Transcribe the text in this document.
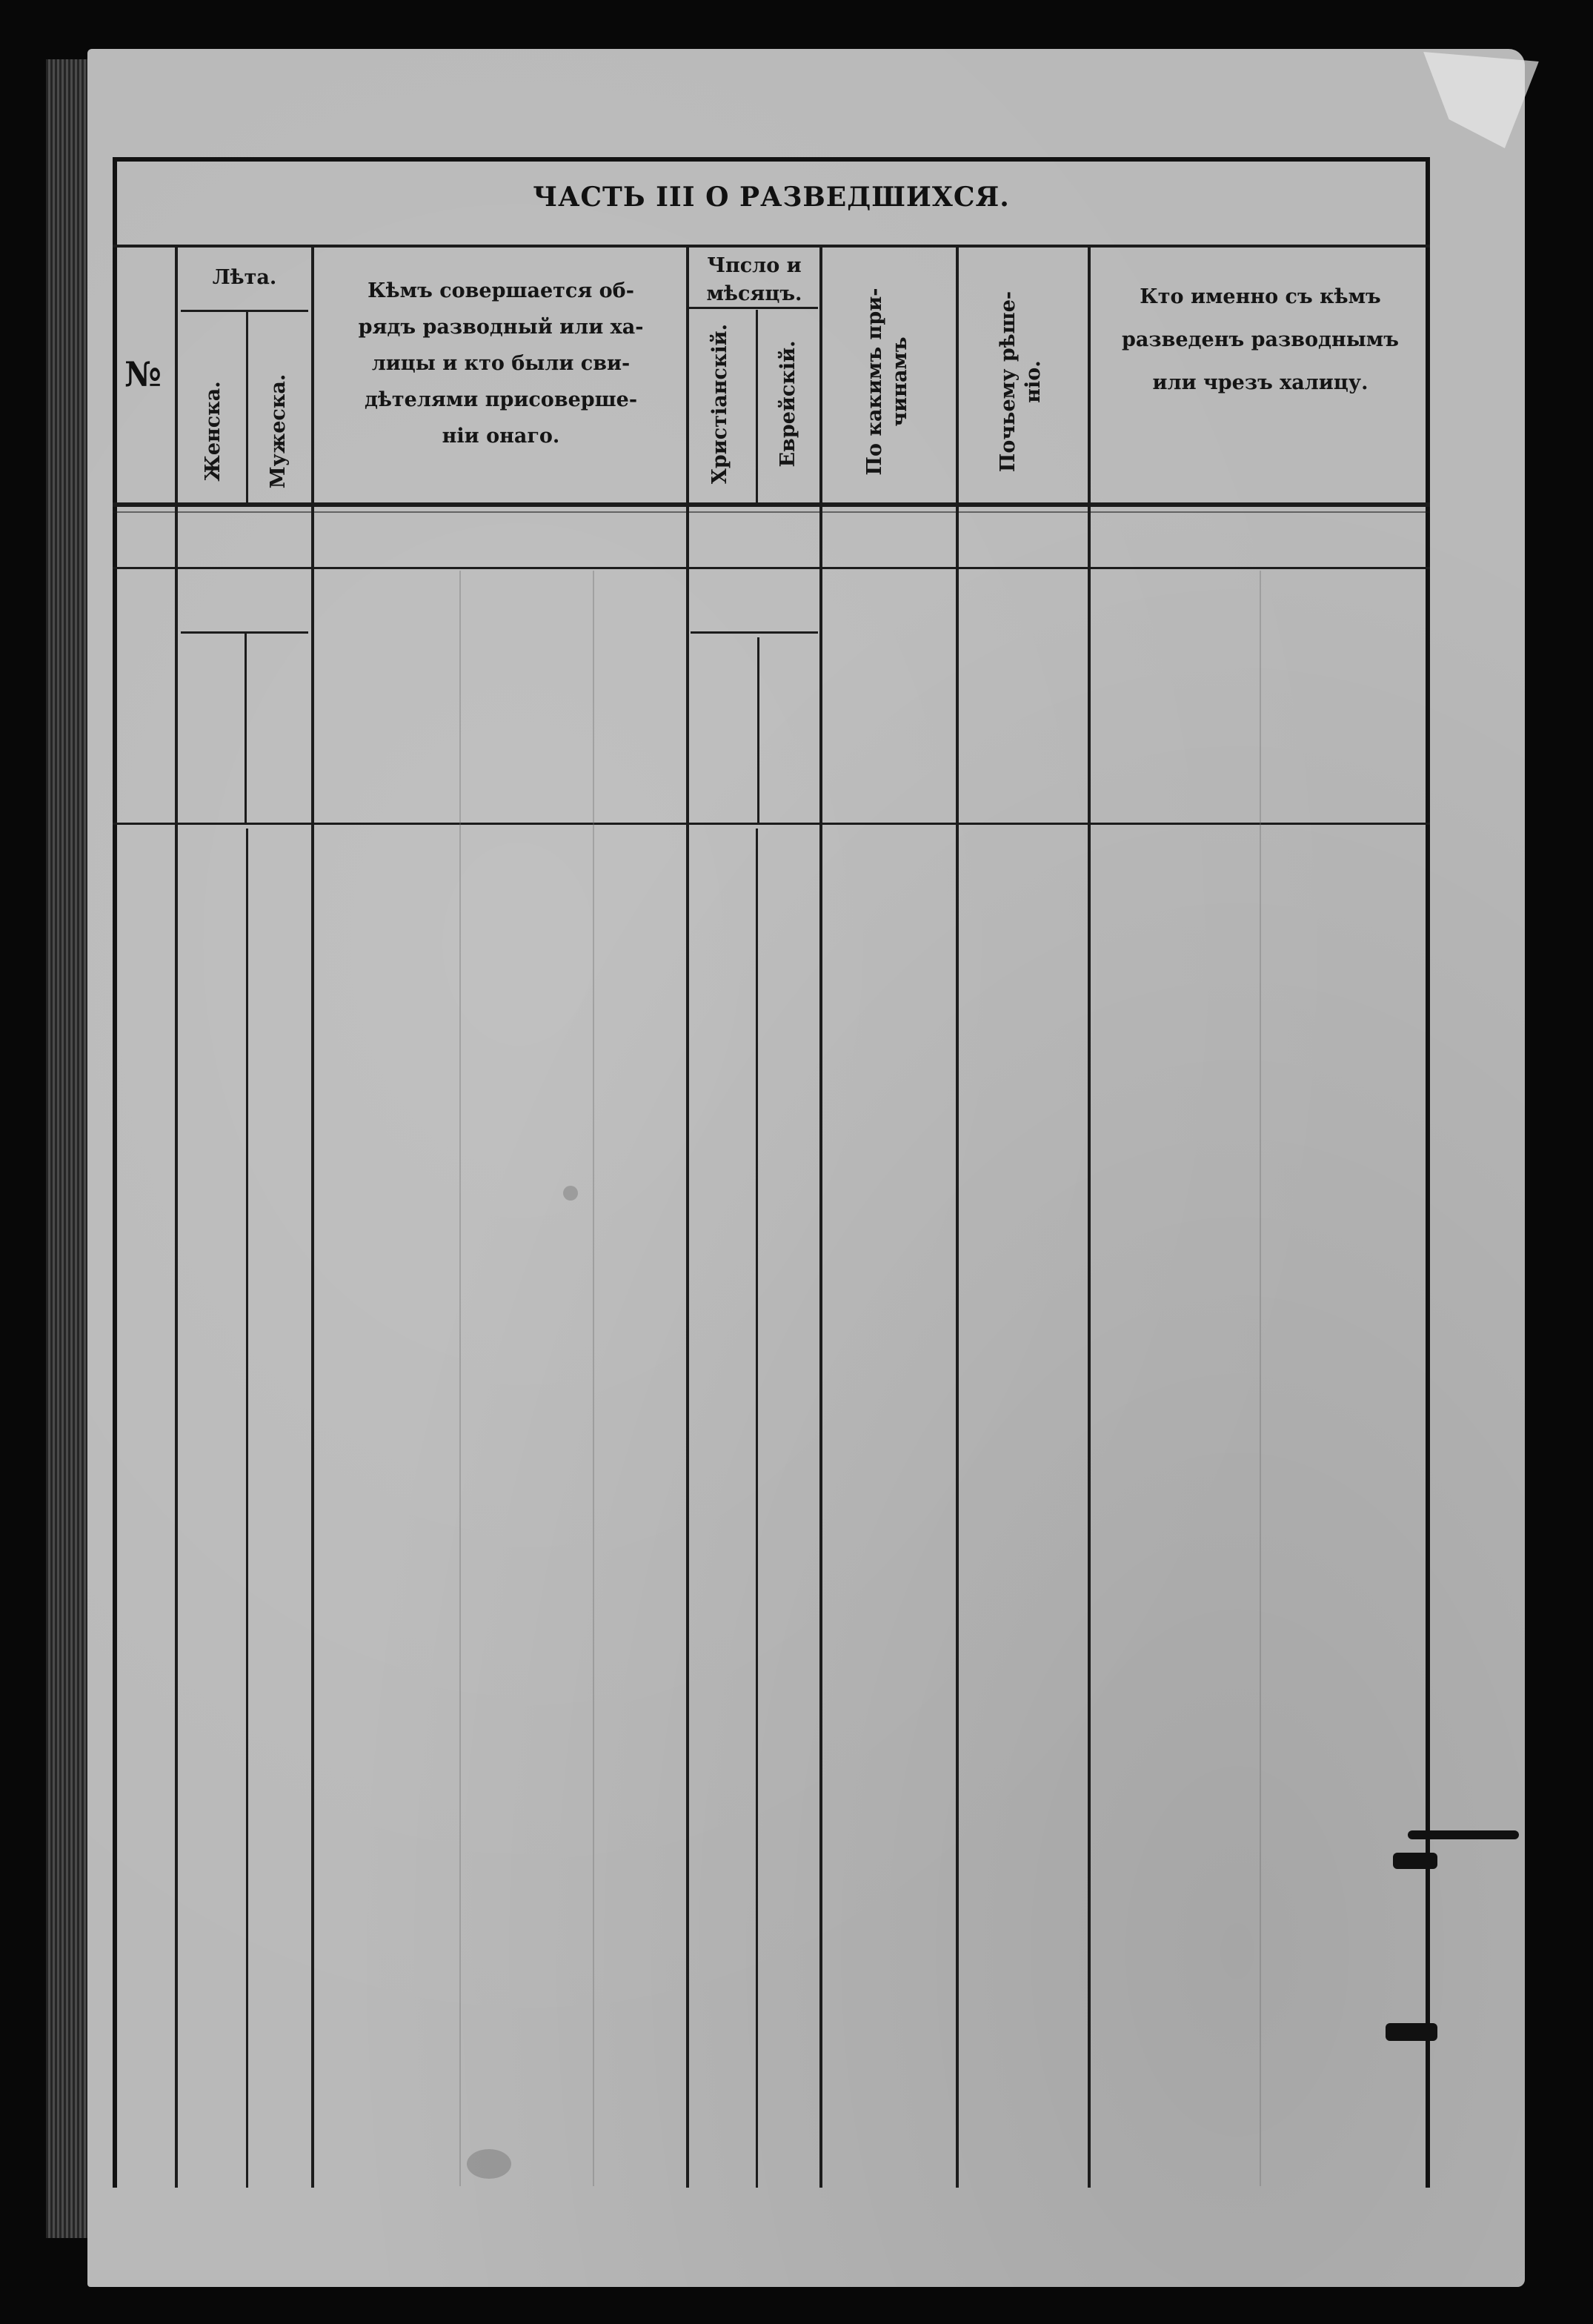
ЧАСТЬ III О РАЗВЕДШИХСЯ.
№
Лѣта.
Женска. Мужеска.
Кѣмъ совершается об-
рядъ разводный или ха-
лицы и кто были сви-
дѣтелями присоверше-
ніи онаго.
Чпсло и
мѣсяцъ.
Христіанскій. Еврейскій.	По какимъ при- чинамъ	Почьему рѣше- ніо.
Кто именно съ кѣмъ
разведенъ разводнымъ
или чрезъ халицу.
